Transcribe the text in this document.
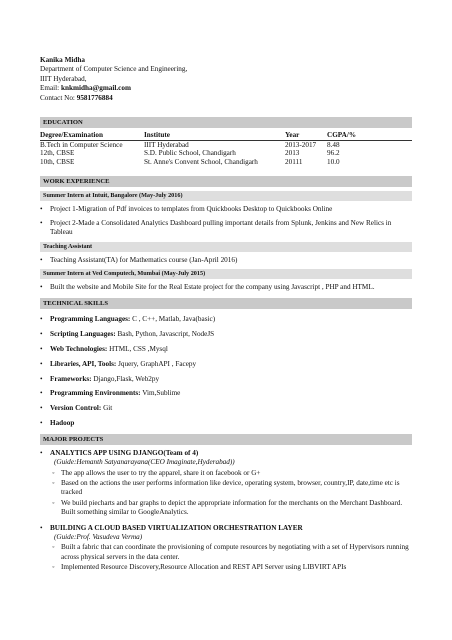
Kanika Midha
Department of Computer Science and Engineering,
IIIT Hyderabad,
Email: knkmidha@gmail.com
Contact No: 9581776884
EDUCATION
Degree/Examination	Institute	Year	CGPA/%
B.Tech in Computer Science	IIIT Hyderabad	2013-2017	8.48
12th, CBSE	S.D. Public School, Chandigarh	2013	96.2
10th, CBSE	St. Anne's Convent School, Chandigarh	20111	10.0
WORK EXPERIENCE
Summer Intern at Intuit, Bangalore (May-July 2016)
• Project 1-Migration of Pdf invoices to templates from Quickbooks Desktop to Quickbooks Online
• Project 2-Made a Consolidated Analytics Dashboard pulling important details from Splunk, Jenkins and New Relics in Tableau
Teaching Assistant
• Teaching Assistant(TA) for Mathematics course (Jan-April 2016)
Summer Intern at Ved Computech, Mumbai (May-July 2015)
• Built the website and Mobile Site for the Real Estate project for the company using Javascript , PHP and HTML.
TECHNICAL SKILLS
• Programming Languages: C , C++, Matlab, Java(basic)
• Scripting Languages: Bash, Python, Javascript, NodeJS
• Web Technologies: HTML, CSS ,Mysql
• Libraries, API, Tools: Jquery, GraphAPI , Facepy
• Frameworks: Django,Flask, Web2py
• Programming Environments: Vim,Sublime
• Version Control: Git
• Hadoop
MAJOR PROJECTS
• ANALYTICS APP USING DJANGO(Team of 4)
(Guide:Hemanth Satyanarayana(CEO Imaginate,Hyderabad))
◦ The app allows the user to try the apparel, share it on facebook or G+
◦ Based on the actions the user performs information like device, operating system, browser, country,IP, date,time etc is tracked
◦ We build piecharts and bar graphs to depict the appropriate information for the merchants on the Merchant Dashboard. Built something similar to GoogleAnalytics.
• BUILDING A CLOUD BASED VIRTUALIZATION ORCHESTRATION LAYER
(Guide:Prof. Vasudeva Verma)
◦ Built a fabric that can coordinate the provisioning of compute resources by negotiating with a set of Hypervisors running across physical servers in the data center.
◦ Implemented Resource Discovery,Resource Allocation and REST API Server using LIBVIRT APIs
